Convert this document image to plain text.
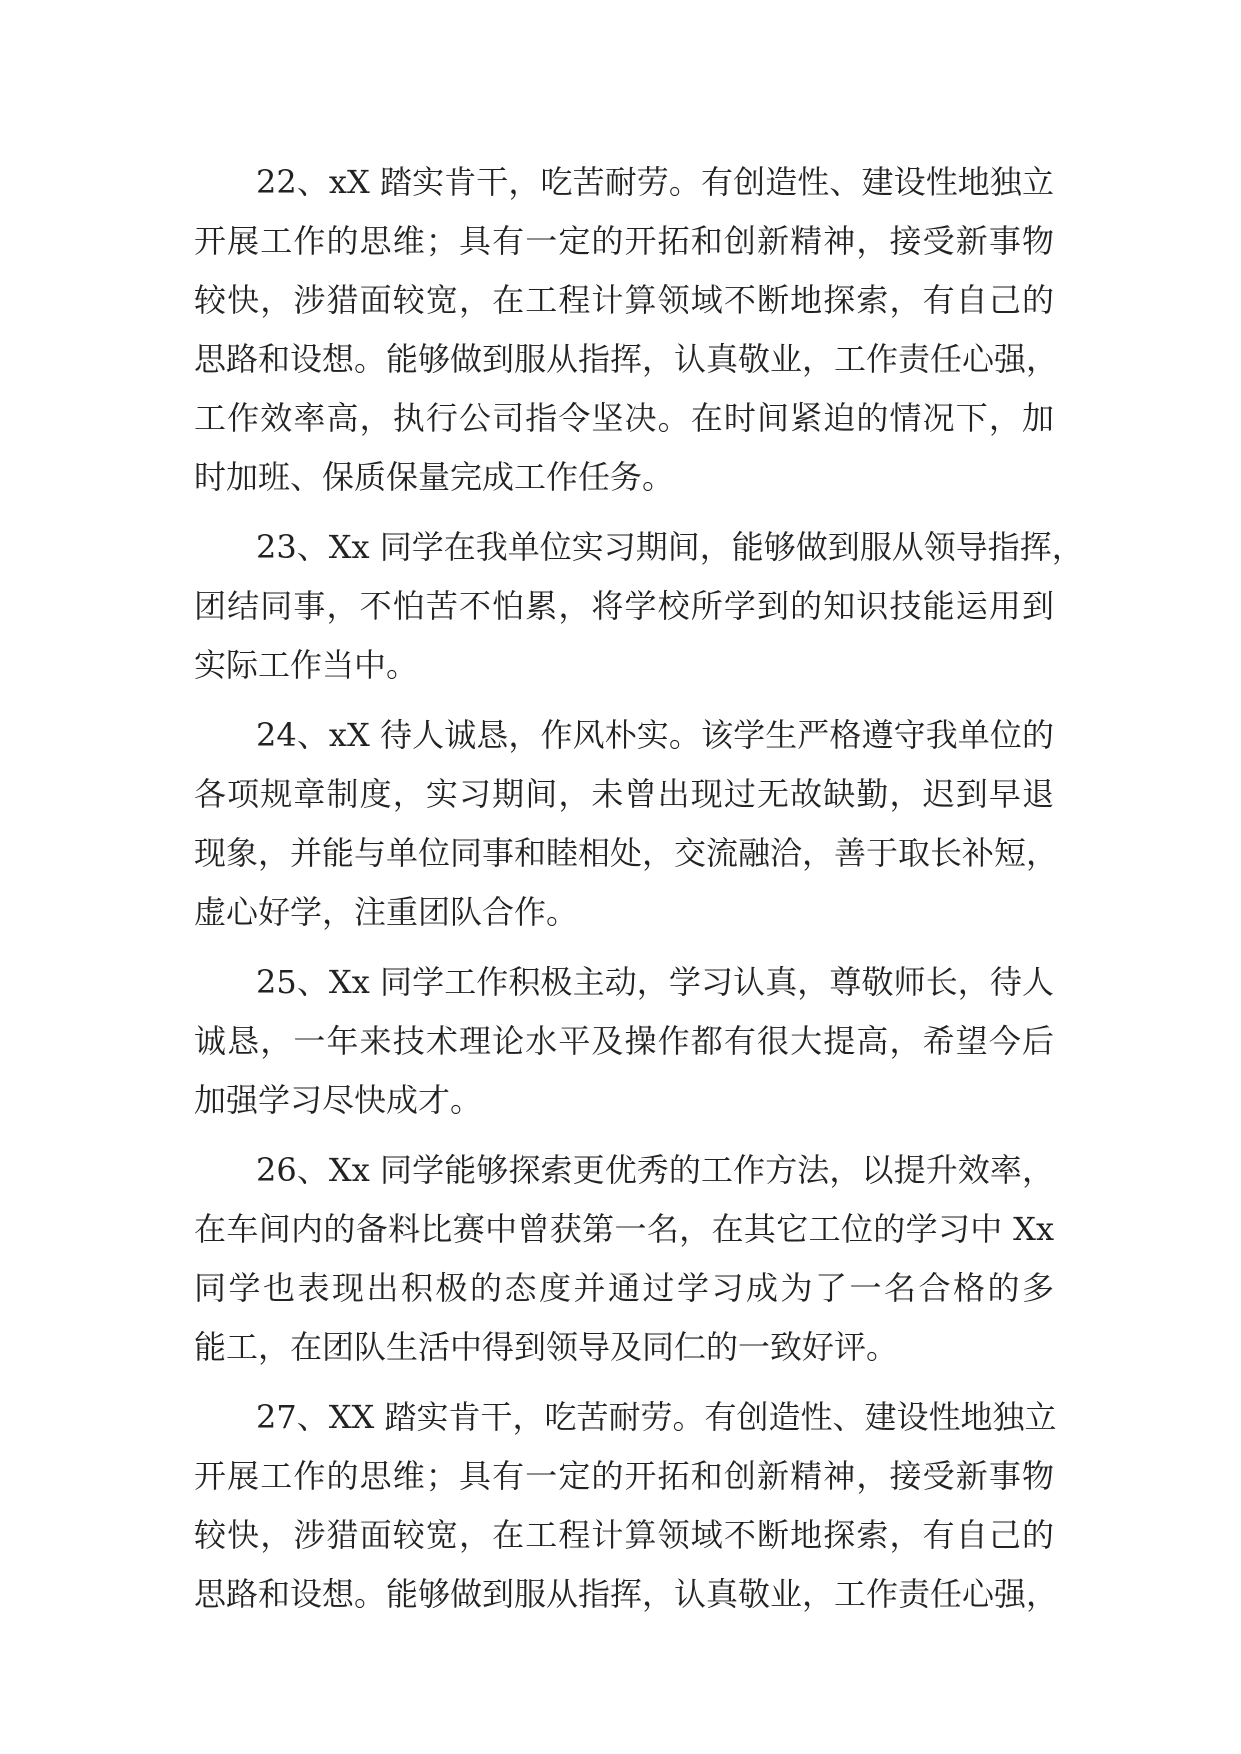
22、xX 踏实肯干，吃苦耐劳。有创造性、建设性地独立
开展工作的思维；具有一定的开拓和创新精神，接受新事物
较快，涉猎面较宽，在工程计算领域不断地探索，有自己的
思路和设想。能够做到服从指挥，认真敬业，工作责任心强，
工作效率高，执行公司指令坚决。在时间紧迫的情况下，加
时加班、保质保量完成工作任务。
23、Xx 同学在我单位实习期间，能够做到服从领导指挥，
团结同事，不怕苦不怕累，将学校所学到的知识技能运用到
实际工作当中。
24、xX 待人诚恳，作风朴实。该学生严格遵守我单位的
各项规章制度，实习期间，未曾出现过无故缺勤，迟到早退
现象，并能与单位同事和睦相处，交流融洽，善于取长补短，
虚心好学，注重团队合作。
25、Xx 同学工作积极主动，学习认真，尊敬师长，待人
诚恳，一年来技术理论水平及操作都有很大提高，希望今后
加强学习尽快成才。
26、Xx 同学能够探索更优秀的工作方法，以提升效率，
在车间内的备料比赛中曾获第一名，在其它工位的学习中 Xx
同学也表现出积极的态度并通过学习成为了一名合格的多
能工，在团队生活中得到领导及同仁的一致好评。
27、XX 踏实肯干，吃苦耐劳。有创造性、建设性地独立
开展工作的思维；具有一定的开拓和创新精神，接受新事物
较快，涉猎面较宽，在工程计算领域不断地探索，有自己的
思路和设想。能够做到服从指挥，认真敬业，工作责任心强，
